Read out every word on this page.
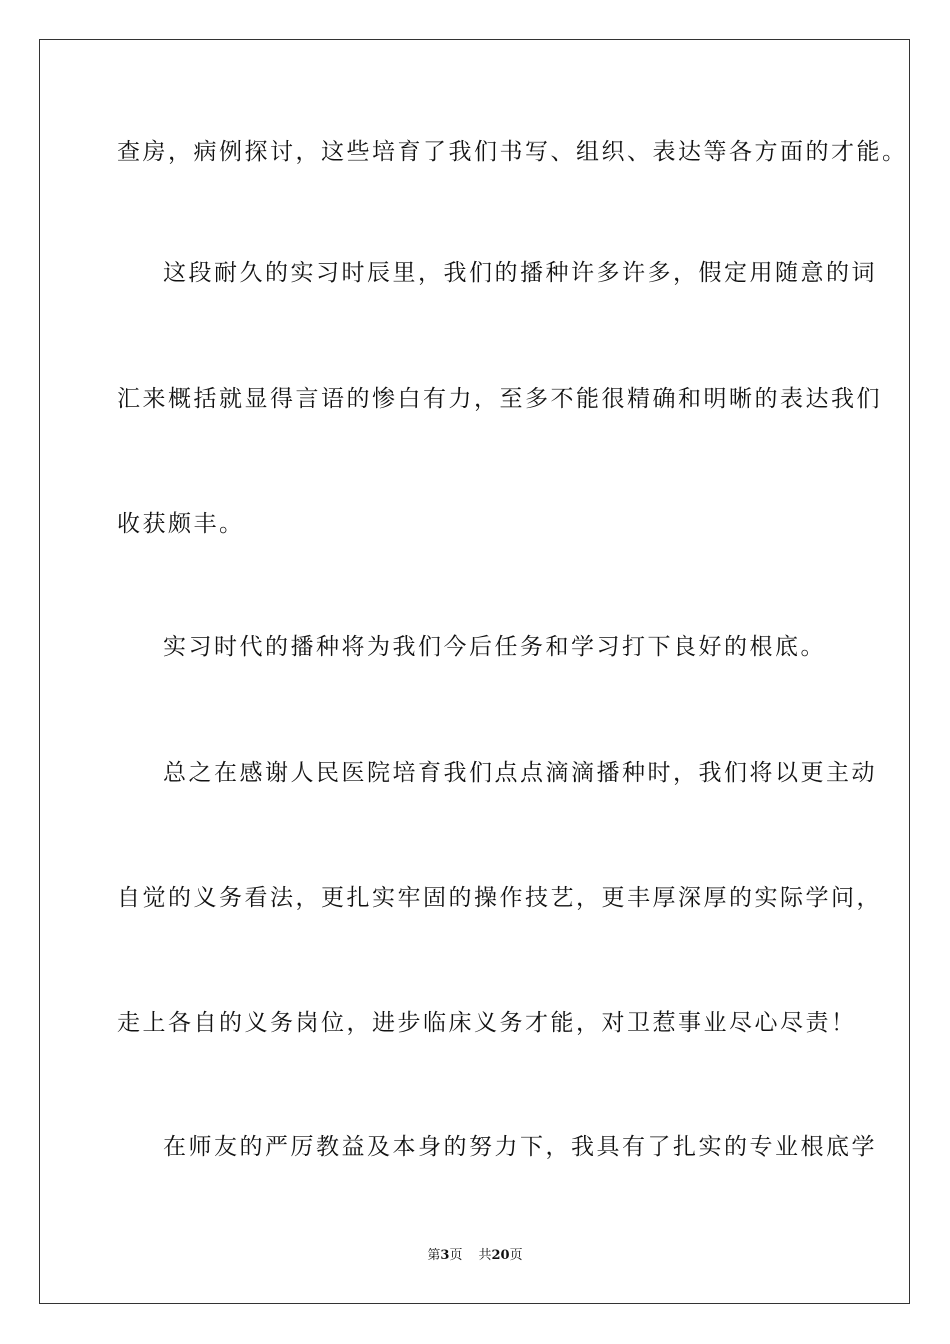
查房，病例探讨，这些培育了我们书写、组织、表达等各方面的才能。
这段耐久的实习时辰里，我们的播种许多许多，假定用随意的词
汇来概括就显得言语的惨白有力，至多不能很精确和明晰的表达我们
收获颇丰。
实习时代的播种将为我们今后任务和学习打下良好的根底。
总之在感谢人民医院培育我们点点滴滴播种时，我们将以更主动
自觉的义务看法，更扎实牢固的操作技艺，更丰厚深厚的实际学问，
走上各自的义务岗位，进步临床义务才能，对卫惹事业尽心尽责！
在师友的严厉教益及本身的努力下，我具有了扎实的专业根底学
第3页 共20页
